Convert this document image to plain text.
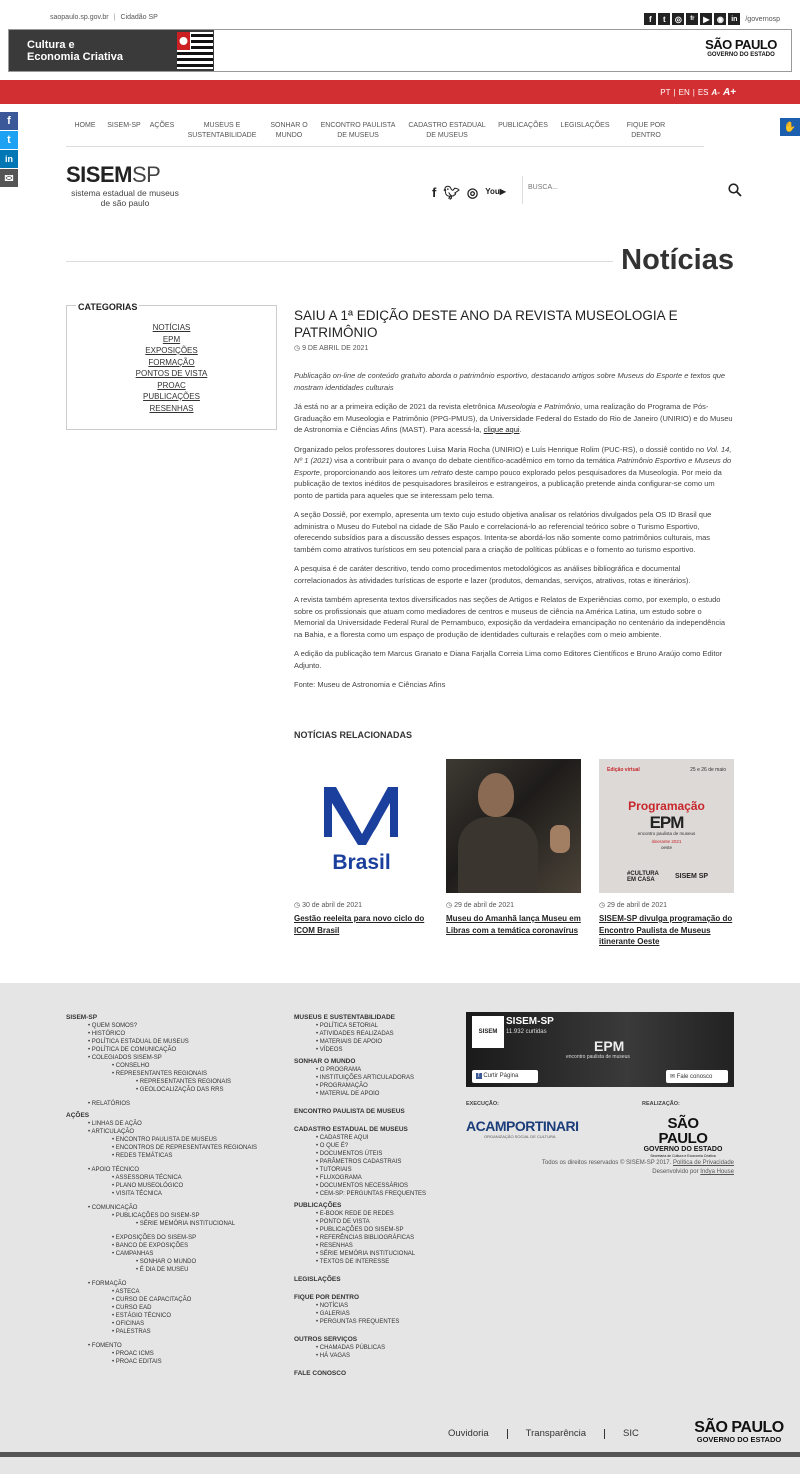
saopaulo.sp.gov.br | Cidadão SP	f	t	◎	fr	▶ ◉	in	/governosp
Cultura e
Economia Criativa
SÃO PAULO
GOVERNO DO ESTADO
PT | EN | ES A- A+
f
t
in
✉
✋
HOME	SISEM-SP	AÇÕES	MUSEUS E
SUSTENTABILIDADE
SONHAR O
MUNDO
ENCONTRO PAULISTA
DE MUSEUS
CADASTRO ESTADUAL
DE MUSEUS
PUBLICAÇÕES	LEGISLAÇÕES	FIQUE POR
DENTRO
SISEMSP
sistema estadual de museus
de são paulo
f 🐦︎ ◎ You▶
BUSCA...
Notícias
CATEGORIAS
NOTÍCIAS
EPM
EXPOSIÇÕES
FORMAÇÃO
PONTOS DE VISTA
PROAC
PUBLICAÇÕES
RESENHAS
SAIU A 1ª EDIÇÃO DESTE ANO DA REVISTA MUSEOLOGIA E PATRIMÔNIO
◷ 9 DE ABRIL DE 2021

Publicação on-line de conteúdo gratuito aborda o patrimônio esportivo, destacando artigos sobre Museus do Esporte e textos que mostram identidades culturais

Já está no ar a primeira edição de 2021 da revista eletrônica Museologia e Patrimônio, uma realização do Programa de Pós-Graduação em Museologia e Patrimônio (PPG-PMUS), da Universidade Federal do Estado do Rio de Janeiro (UNIRIO) e do Museu de Astronomia e Ciências Afins (MAST). Para acessá-la, clique aqui.

Organizado pelos professores doutores Luisa Maria Rocha (UNIRIO) e Luís Henrique Rolim (PUC-RS), o dossiê contido no Vol. 14, Nº 1 (2021) visa a contribuir para o avanço do debate científico-acadêmico em torno da temática Patrimônio Esportivo e Museus do Esporte, proporcionando aos leitores um retrato deste campo pouco explorado pelos pesquisadores da Museologia. Por meio da publicação de textos inéditos de pesquisadores brasileiros e estrangeiros, a publicação pretende ainda configurar-se como um ponto de partida para aqueles que se interessam pelo tema.

A seção Dossiê, por exemplo, apresenta um texto cujo estudo objetiva analisar os relatórios divulgados pela OS ID Brasil que administra o Museu do Futebol na cidade de São Paulo e correlacioná-lo ao referencial teórico sobre o Turismo Esportivo, oferecendo subsídios para a discussão desses espaços. Intenta-se abordá-los não somente como patrimônios culturais, mas também como atrativos turísticos em seu potencial para a criação de políticas públicas e o fomento ao turismo esportivo.

A pesquisa é de caráter descritivo, tendo como procedimentos metodológicos as análises bibliográfica e documental correlacionados às atividades turísticas de esporte e lazer (produtos, demandas, serviços, atrativos, rotas e itinerários).

A revista também apresenta textos diversificados nas seções de Artigos e Relatos de Experiências como, por exemplo, o estudo sobre os profissionais que atuam como mediadores de centros e museus de ciência na América Latina, um estudo sobre o Memorial da Universidade Federal Rural de Pernambuco, exposição da verdadeira emancipação no centenário da independência na Bahia, e a floresta como um espaço de produção de identidades culturais e relações com o meio ambiente.

A edição da publicação tem Marcus Granato e Diana Farjalla Correia Lima como Editores Científicos e Bruno Araújo como Editor Adjunto.

Fonte: Museu de Astronomia e Ciências Afins

NOTÍCIAS RELACIONADAS
Brasil
◷ 30 de abril de 2021
Gestão reeleita para novo ciclo do ICOM Brasil
◷ 29 de abril de 2021
Museu do Amanhã lança Museu em Libras com a temática coronavírus
Edição virtual	25 e 26 de maio
Programação
EPM
encontro paulista de museus
itinerante 2021
oeste
#CULTURA EM CASA	SISEM SP
◷ 29 de abril de 2021
SISEM-SP divulga programação do Encontro Paulista de Museus itinerante Oeste
SISEM-SP
• QUEM SOMOS?
• HISTÓRICO
• POLÍTICA ESTADUAL DE MUSEUS
• POLÍTICA DE COMUNICAÇÃO
• COLEGIADOS SISEM-SP
• CONSELHO
• REPRESENTANTES REGIONAIS
• REPRESENTANTES REGIONAIS
• GEOLOCALIZAÇÃO DAS RRS
• RELATÓRIOS
AÇÕES
• LINHAS DE AÇÃO
• ARTICULAÇÃO
• ENCONTRO PAULISTA DE MUSEUS
• ENCONTROS DE REPRESENTANTES REGIONAIS
• REDES TEMÁTICAS
• APOIO TÉCNICO
• ASSESSORIA TÉCNICA
• PLANO MUSEOLÓGICO
• VISITA TÉCNICA
• COMUNICAÇÃO
• PUBLICAÇÕES DO SISEM-SP
• SÉRIE MEMÓRIA INSTITUCIONAL
• EXPOSIÇÕES DO SISEM-SP
• BANCO DE EXPOSIÇÕES
• CAMPANHAS
• SONHAR O MUNDO
• É DIA DE MUSEU
• FORMAÇÃO
• ASTECA
• CURSO DE CAPACITAÇÃO
• CURSO EAD
• ESTÁGIO TÉCNICO
• OFICINAS
• PALESTRAS
• FOMENTO
• PROAC ICMS
• PROAC EDITAIS
MUSEUS E SUSTENTABILIDADE
• POLÍTICA SETORIAL
• ATIVIDADES REALIZADAS
• MATERIAIS DE APOIO
• VÍDEOS
SONHAR O MUNDO
• O PROGRAMA
• INSTITUIÇÕES ARTICULADORAS
• PROGRAMAÇÃO
• MATERIAL DE APOIO
ENCONTRO PAULISTA DE MUSEUS
CADASTRO ESTADUAL DE MUSEUS
• CADASTRE AQUI
• O QUE É?
• DOCUMENTOS ÚTEIS
• PARÂMETROS CADASTRAIS
• TUTORIAIS
• FLUXOGRAMA
• DOCUMENTOS NECESSÁRIOS
• CEM-SP: PERGUNTAS FREQUENTES
PUBLICAÇÕES
• E-BOOK REDE DE REDES
• PONTO DE VISTA
• PUBLICAÇÕES DO SISEM-SP
• REFERÊNCIAS BIBLIOGRÁFICAS
• RESENHAS
• SÉRIE MEMÓRIA INSTITUCIONAL
• TEXTOS DE INTERESSE
LEGISLAÇÕES
FIQUE POR DENTRO
• NOTÍCIAS
• GALERIAS
• PERGUNTAS FREQUENTES
OUTROS SERVIÇOS
• CHAMADAS PÚBLICAS
• HÁ VAGAS
FALE CONOSCO
SISEM
SISEM-SP
11.932 curtidas
EPM
encontro paulista de museus
f Curtir Página	✉ Fale conosco
EXECUÇÃO:
ACAMPORTINARI
ORGANIZAÇÃO SOCIAL DE CULTURA
REALIZAÇÃO:
SÃO PAULO
GOVERNO DO ESTADO
Secretaria de Cultura e Economia Criativa
Todos os direitos reservados © SISEM-SP 2017. Política de Privacidade
Desenvolvido por Indya House
Ouvidoria	Transparência	SIC	SÃO PAULO
GOVERNO DO ESTADO
